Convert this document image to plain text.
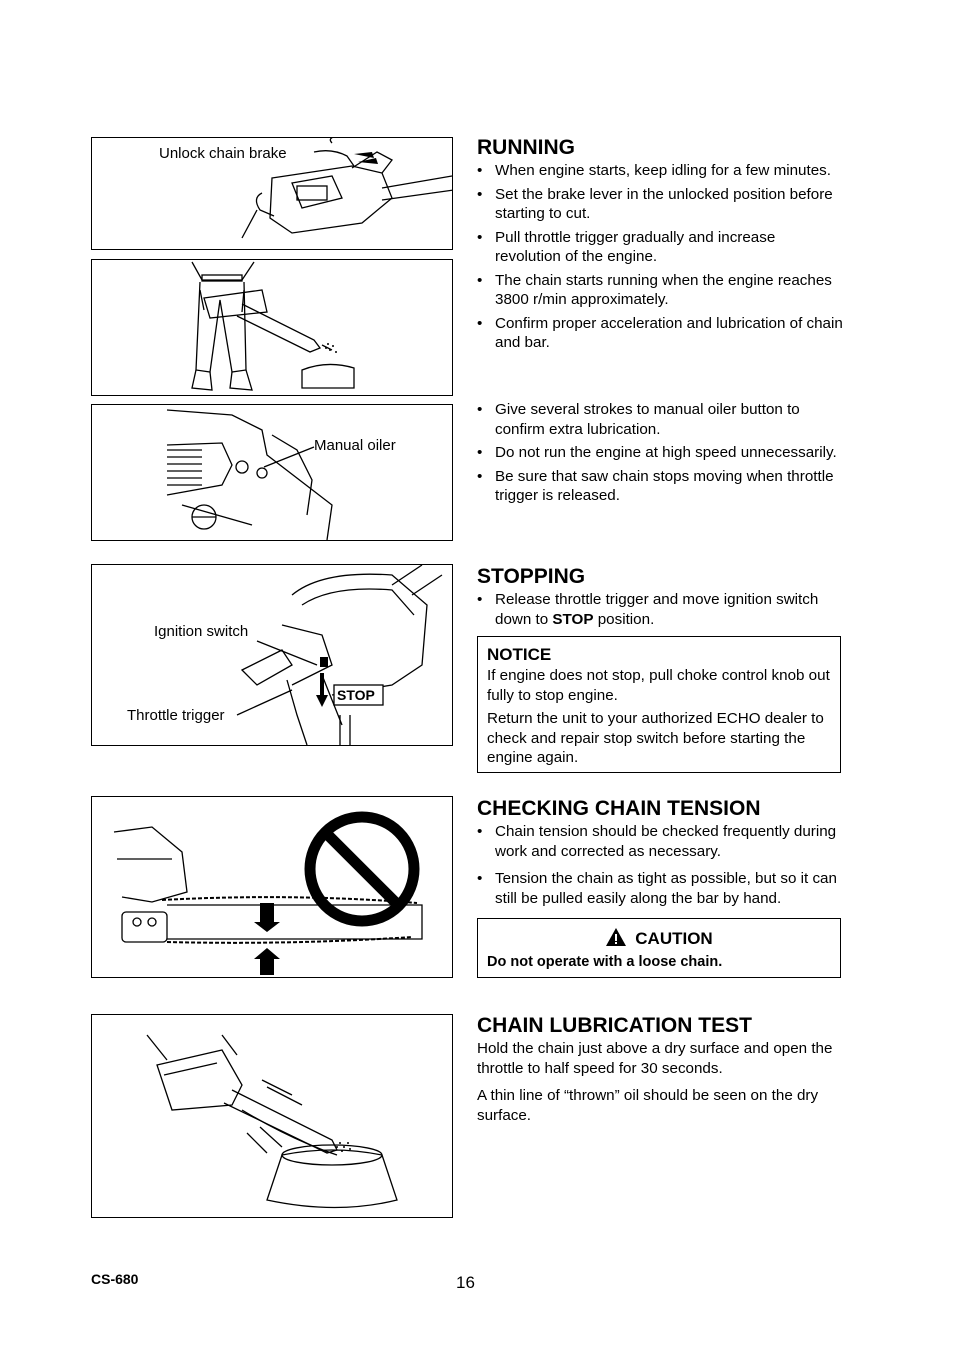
Unlock chain brake
Manual oiler
Ignition switch
Throttle trigger
STOP
RUNNING
• When engine starts, keep idling for a few minutes.
• Set the brake lever in the unlocked position before starting to cut.
• Pull throttle trigger gradually and increase revolution of the engine.
• The chain starts running when the engine reaches 3800 r/min approximately.
• Confirm proper acceleration and lubrication of chain and bar.
• Give several strokes to manual oiler button to confirm extra lubrication.
• Do not run the engine at high speed unnecessarily.
• Be sure that saw chain stops moving when throttle trigger is released.
STOPPING
• Release throttle trigger and move ignition switch down to STOP position.
NOTICE

If engine does not stop, pull choke control knob out fully to stop engine.

Return the unit to your authorized ECHO dealer to check and repair stop switch before starting the engine again.

CHECKING CHAIN TENSION
• Chain tension should be checked frequently during work and corrected as necessary.
• Tension the chain as tight as possible, but so it can still be pulled easily along the bar by hand.
CAUTION
Do not operate with a loose chain.
CHAIN LUBRICATION TEST

Hold the chain just above a dry surface and open the throttle to half speed for 30 seconds.

A thin line of “thrown” oil should be seen on the dry surface.

CS-680	16
